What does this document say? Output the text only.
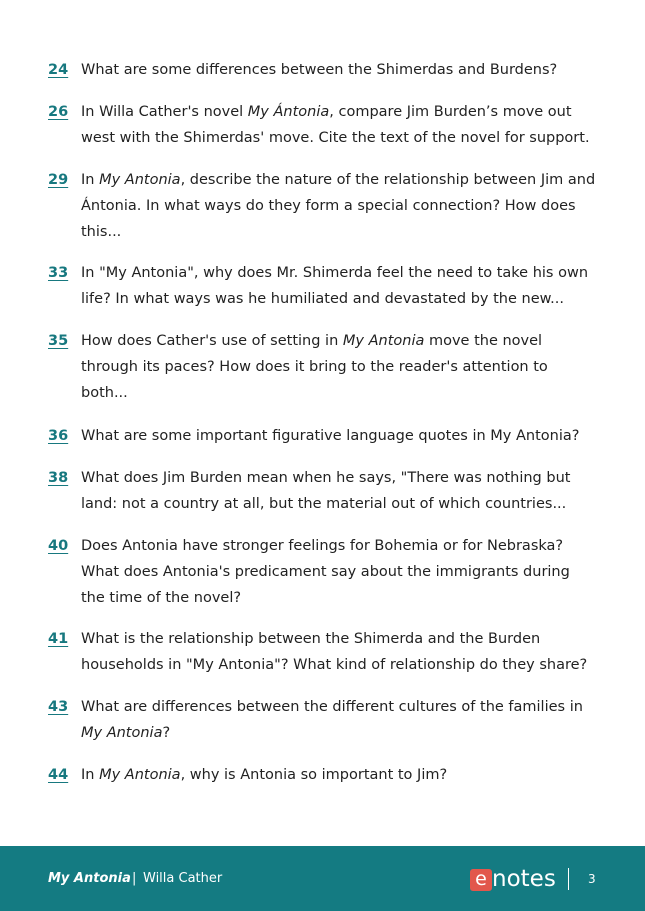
24 What are some differences between the Shimerdas and Burdens?
26 In Willa Cather's novel My Ántonia, compare Jim Burden’s move out
west with the Shimerdas' move. Cite the text of the novel for support.
29 In My Antonia, describe the nature of the relationship between Jim and
Ántonia. In what ways do they form a special connection? How does
this...
33 In "My Antonia", why does Mr. Shimerda feel the need to take his own
life? In what ways was he humiliated and devastated by the new...
35 How does Cather's use of setting in My Antonia move the novel
through its paces? How does it bring to the reader's attention to
both...
36 What are some important figurative language quotes in My Antonia?
38 What does Jim Burden mean when he says, "There was nothing but
land: not a country at all, but the material out of which countries...
40 Does Antonia have stronger feelings for Bohemia or for Nebraska?
What does Antonia's predicament say about the immigrants during
the time of the novel?
41 What is the relationship between the Shimerda and the Burden
households in "My Antonia"? What kind of relationship do they share?
43 What are differences between the different cultures of the families in
My Antonia?
44 In My Antonia, why is Antonia so important to Jim?
My Antonia | Willa Cather	e notes	3
